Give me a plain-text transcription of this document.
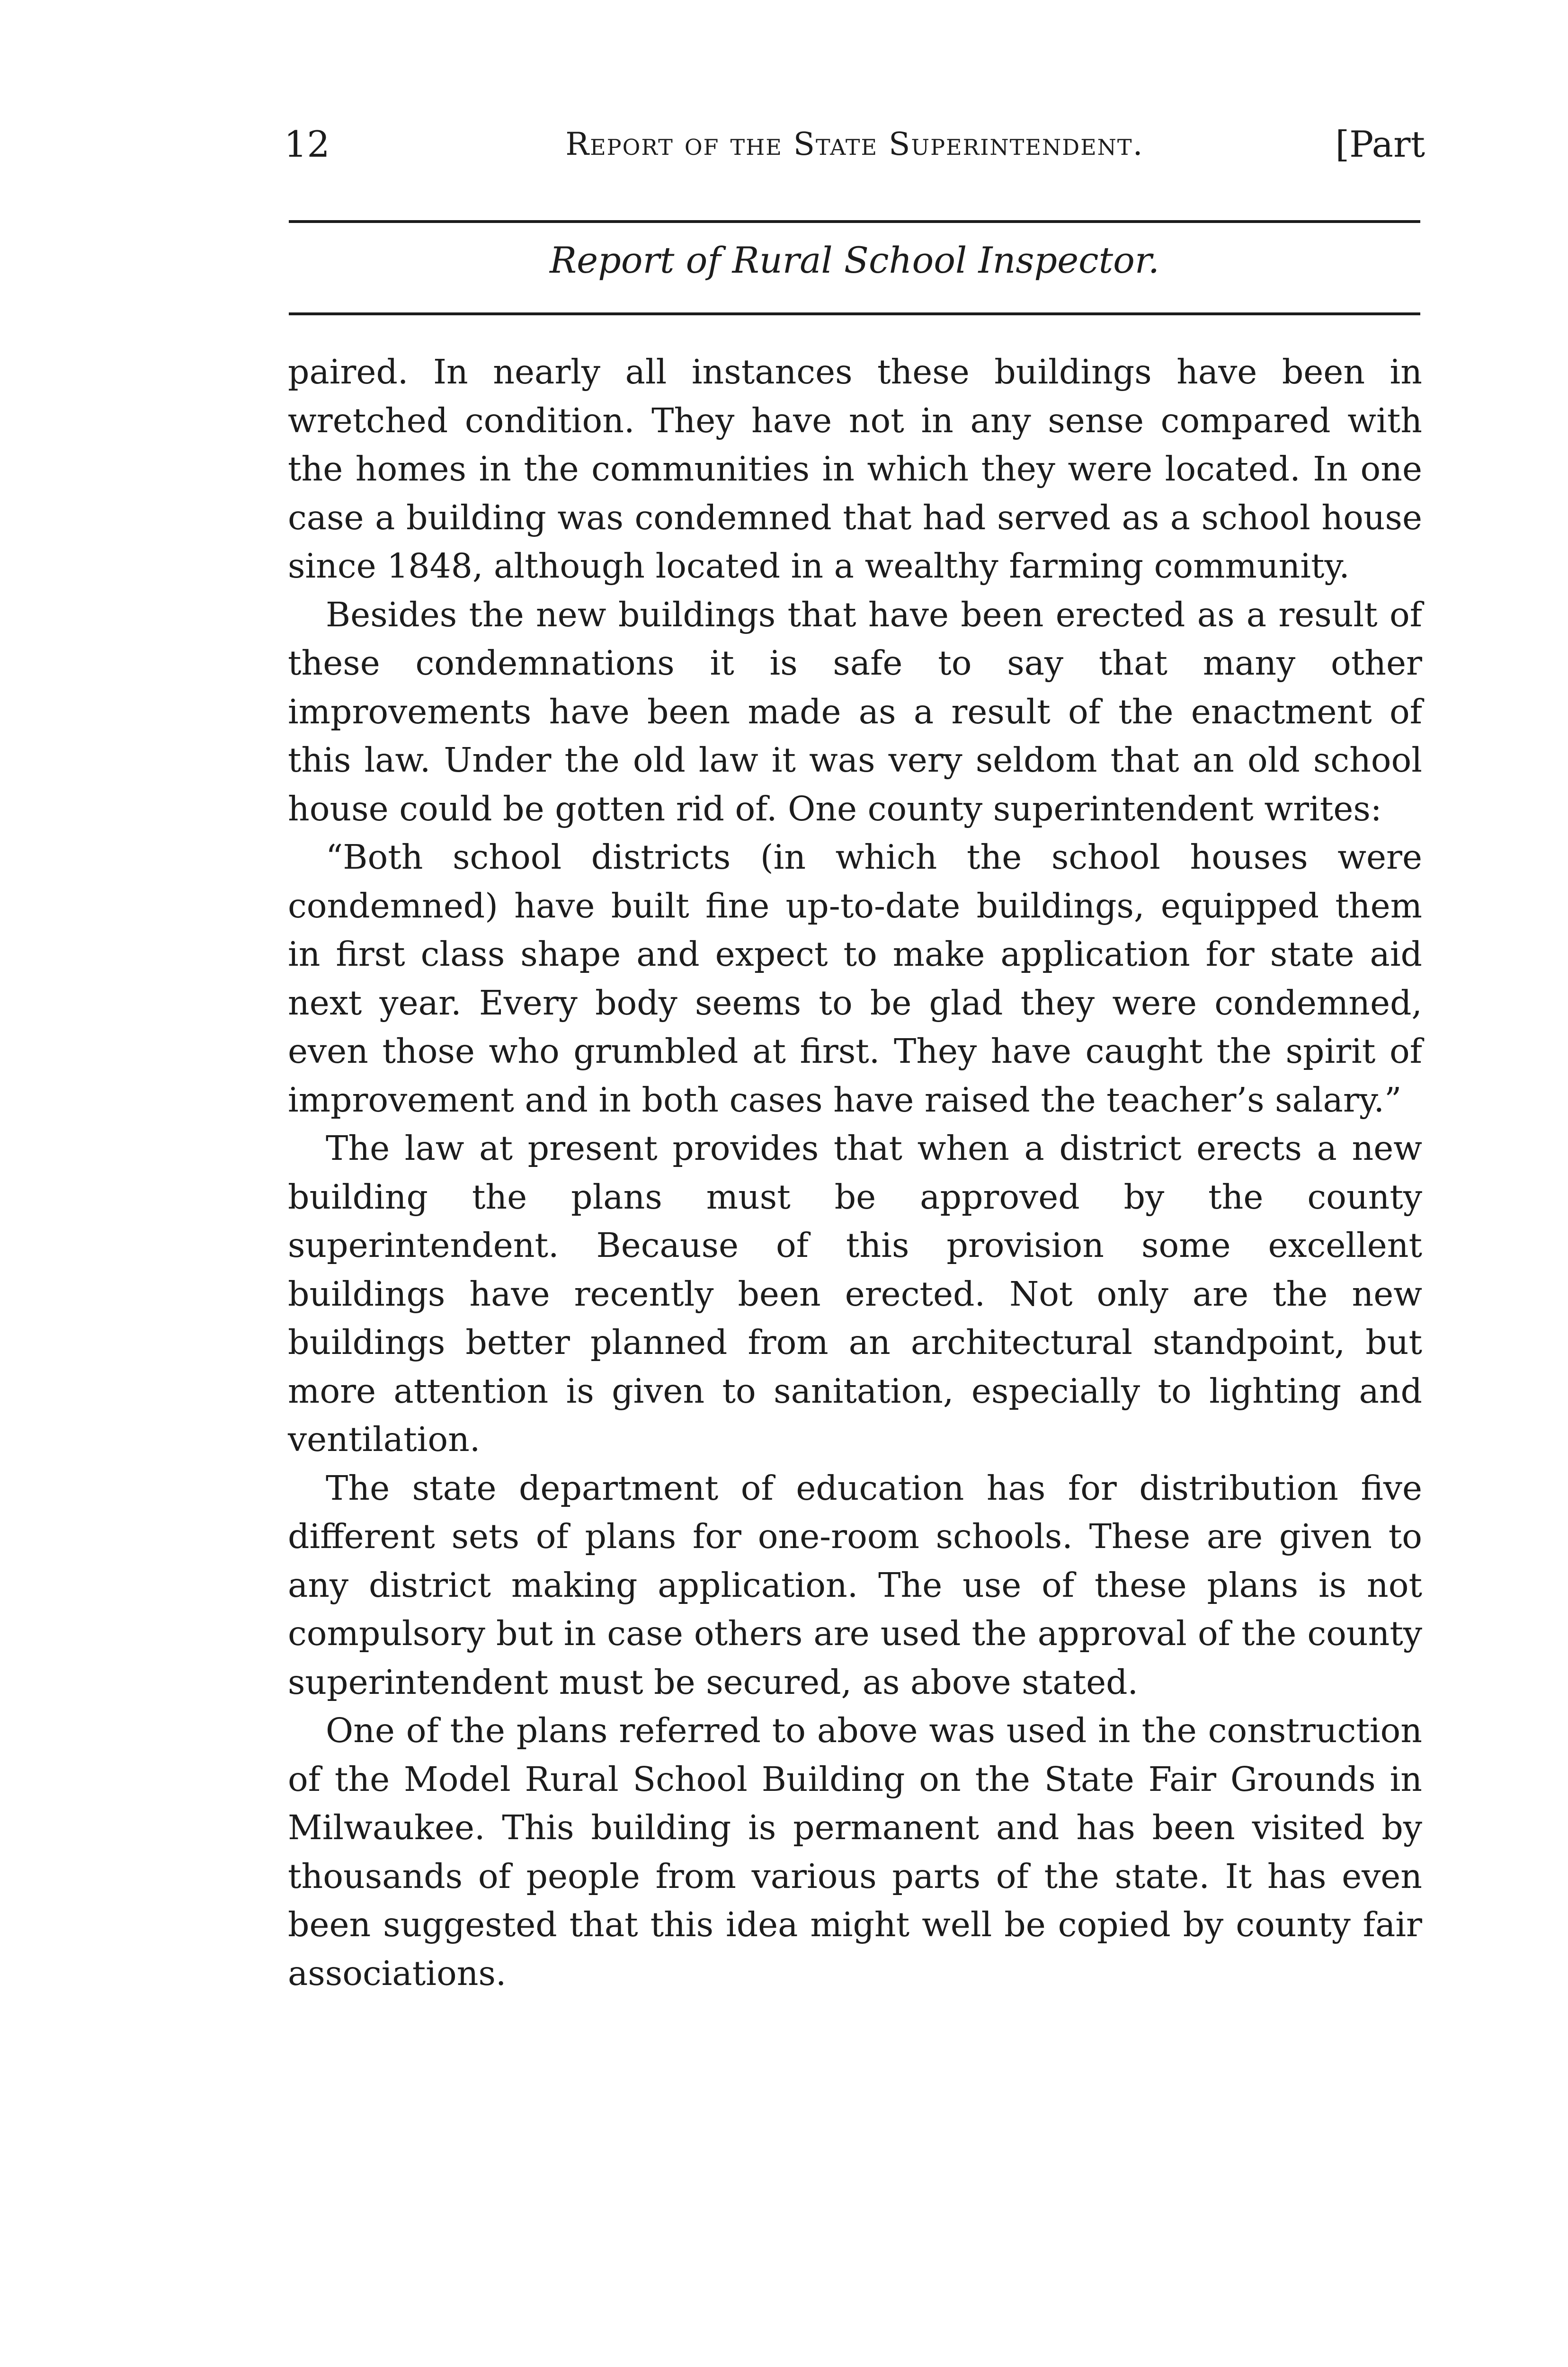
12	Report of the State Superintendent.	[Part
Report of Rural School Inspector.

paired. In nearly all instances these buildings have been in wretched condition. They have not in any sense compared with the homes in the communities in which they were located. In one case a building was condemned that had served as a school house since 1848, although located in a wealthy farming community.

Besides the new buildings that have been erected as a result of these condemnations it is safe to say that many other improvements have been made as a result of the enactment of this law. Under the old law it was very seldom that an old school house could be gotten rid of. One county superintendent writes:

“Both school districts (in which the school houses were condemned) have built fine up-to-date buildings, equipped them in first class shape and expect to make application for state aid next year. Every body seems to be glad they were condemned, even those who grumbled at first. They have caught the spirit of improvement and in both cases have raised the teacher’s salary.”

The law at present provides that when a district erects a new building the plans must be approved by the county superintendent. Because of this provision some excellent buildings have recently been erected. Not only are the new buildings better planned from an architectural standpoint, but more attention is given to sanitation, especially to lighting and ventilation.

The state department of education has for distribution five different sets of plans for one-room schools. These are given to any district making application. The use of these plans is not compulsory but in case others are used the approval of the county superintendent must be secured, as above stated.

One of the plans referred to above was used in the construction of the Model Rural School Building on the State Fair Grounds in Milwaukee. This building is permanent and has been visited by thousands of people from various parts of the state. It has even been suggested that this idea might well be copied by county fair associations.
